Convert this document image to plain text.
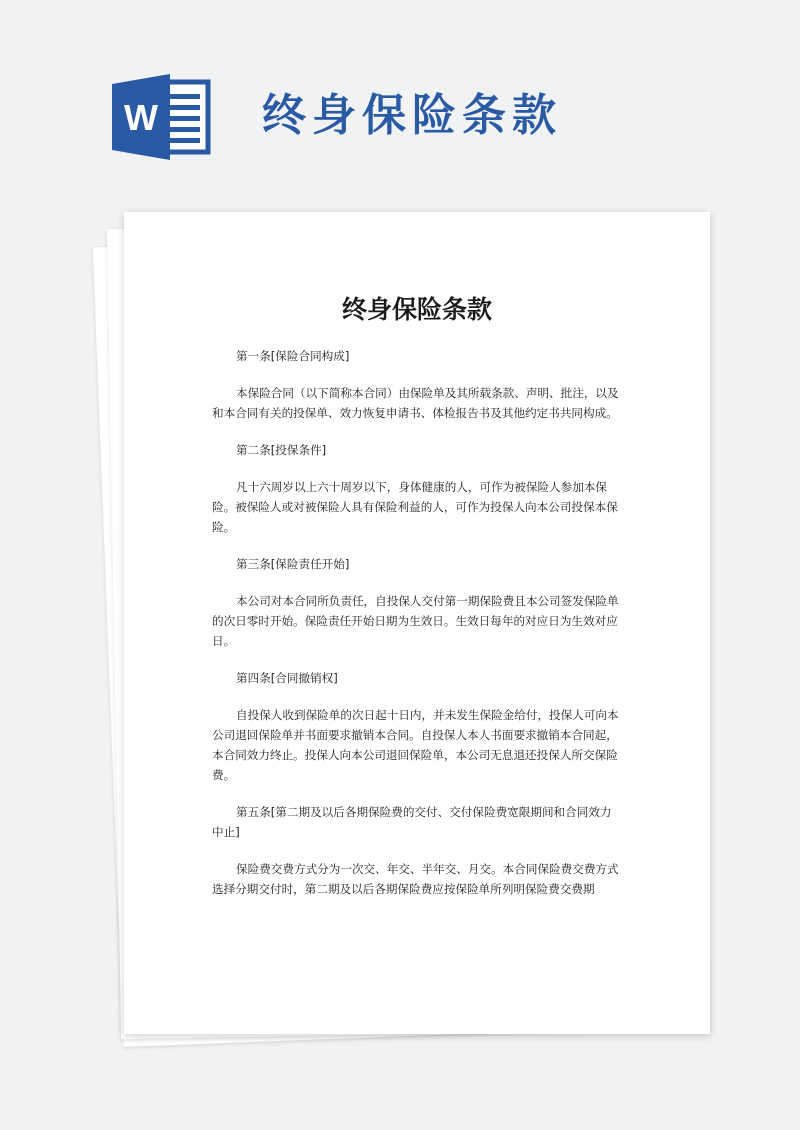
W 终身保险条款
终身保险条款

第一条[保险合同构成]

本保险合同（以下简称本合同）由保险单及其所载条款、声明、批注，以及和本合同有关的投保单、效力恢复申请书、体检报告书及其他约定书共同构成。

第二条[投保条件]

凡十六周岁以上六十周岁以下，身体健康的人，可作为被保险人参加本保险。被保险人或对被保险人具有保险利益的人，可作为投保人向本公司投保本保险。

第三条[保险责任开始]

本公司对本合同所负责任，自投保人交付第一期保险费且本公司签发保险单的次日零时开始。保险责任开始日期为生效日。生效日每年的对应日为生效对应日。

第四条[合同撤销权]

自投保人收到保险单的次日起十日内，并未发生保险金给付，投保人可向本公司退回保险单并书面要求撤销本合同。自投保人本人书面要求撤销本合同起，本合同效力终止。投保人向本公司退回保险单，本公司无息退还投保人所交保险费。

第五条[第二期及以后各期保险费的交付、交付保险费宽限期间和合同效力中止]

保险费交费方式分为一次交、年交、半年交、月交。本合同保险费交费方式选择分期交付时，第二期及以后各期保险费应按保险单所列明保险费交费期
